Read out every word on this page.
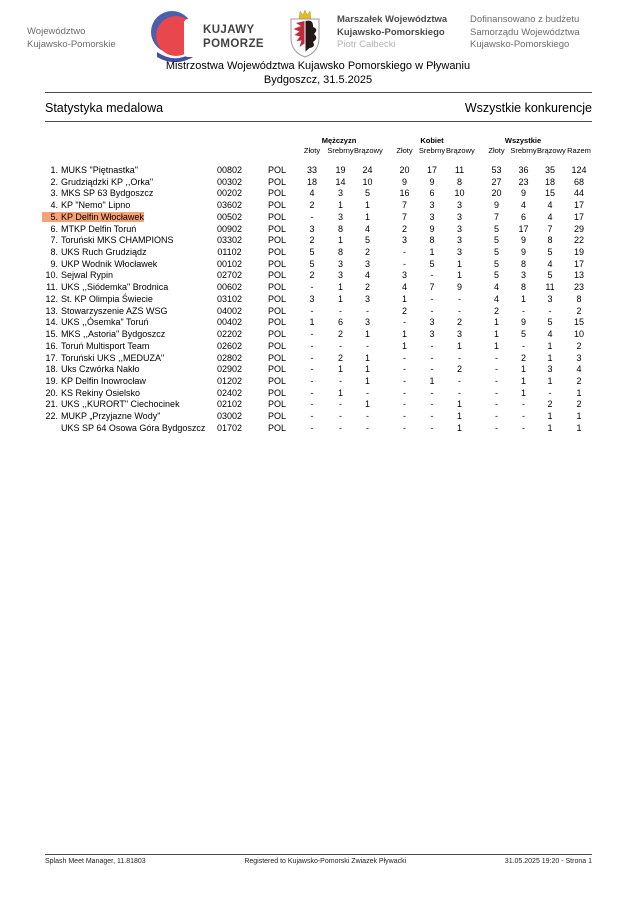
Województwo
Kujawsko-Pomorskie
KUJAWY
POMORZE
Marszałek Województwa
Kujawsko-Pomorskiego
Piotr Całbecki
Dofinansowano z budżetu
Samorządu Województwa
Kujawsko-Pomorskiego
Mistrzostwa Województwa Kujawsko Pomorskiego w Pływaniu
Bydgoszcz, 31.5.2025
Statystyka medalowa	Wszystkie konkurencje
Mężczyzn	Kobiet	Wszystkie
Złoty Srebrny Brązowy	Złoty Srebrny Brązowy	Złoty Srebrny Brązowy Razem
1. MUKS "Piętnastka"	00802	POL	33	19	24	20	17	11	53	36	35	124
2. Grudziądzki KP ,,Orka"	00302	POL	18	14	10	9	9	8	27	23	18	68
3. MKS SP 63 Bydgoszcz	00202	POL	4	3	5	16	6	10	20	9	15	44
4. KP "Nemo" Lipno	03602	POL	2	1	1	7	3	3	9	4	4	17
5. KP Delfin Włocławek	00502	POL	-	3	1	7	3	3	7	6	4	17
6. MTKP Delfin Toruń	00902	POL	3	8	4	2	9	3	5	17	7	29
7. Toruński MKS CHAMPIONS	03302	POL	2	1	5	3	8	3	5	9	8	22
8. UKS Ruch Grudziądz	01102	POL	5	8	2	-	1	3	5	9	5	19
9. UKP Wodnik Włocławek	00102	POL	5	3	3	-	5	1	5	8	4	17
10. Sejwal Rypin	02702	POL	2	3	4	3	-	1	5	3	5	13
11. UKS ,,Siódemka" Brodnica	00602	POL	-	1	2	4	7	9	4	8	11	23
12. St. KP Olimpia Świecie	03102	POL	3	1	3	1	-	-	4	1	3	8
13. Stowarzyszenie AZS WSG	04002	POL	-	-	-	2	-	-	2	-	-	2
14. UKS ,,Ósemka" Toruń	00402	POL	1	6	3	-	3	2	1	9	5	15
15. MKS ,,Astoria" Bydgoszcz	02202	POL	-	2	1	1	3	3	1	5	4	10
16. Toruń Multisport Team	02602	POL	-	-	-	1	-	1	1	-	1	2
17. Toruński UKS ,,MEDUZA"	02802	POL	-	2	1	-	-	-	-	2	1	3
18. Uks Czwórka Nakło	02902	POL	-	1	1	-	-	2	-	1	3	4
19. KP Delfin Inowrocław	01202	POL	-	-	1	-	1	-	-	1	1	2
20. KS Rekiny Osielsko	02402	POL	-	1	-	-	-	-	-	1	-	1
21. UKS ,,KURORT" Ciechocinek	02102	POL	-	-	1	-	-	1	-	-	2	2
22. MUKP „Przyjazne Wody"	03002	POL	-	-	-	-	-	1	-	-	1	1
UKS SP 64 Osowa Góra Bydgoszcz	01702	POL	-	-	-	-	-	1	-	-	1	1
Splash Meet Manager, 11.81803	Registered to Kujawsko-Pomorski Zwiazek Pływacki	31.05.2025 19:20 - Strona 1
